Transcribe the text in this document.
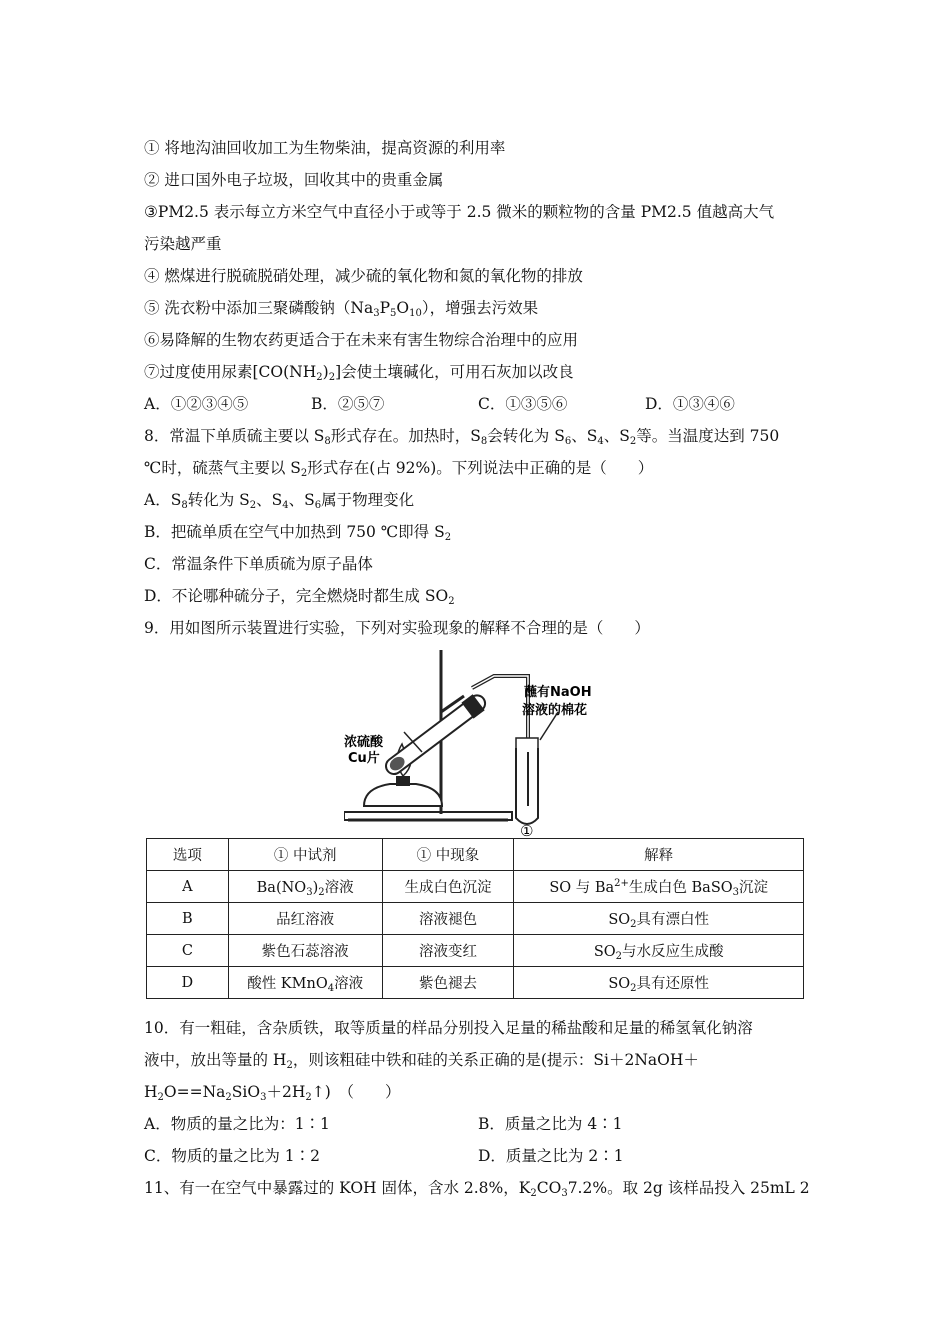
① 将地沟油回收加工为生物柴油，提高资源的利用率
② 进口国外电子垃圾，回收其中的贵重金属
③PM2.5 表示每立方米空气中直径小于或等于 2.5 微米的颗粒物的含量 PM2.5 值越高大气
污染越严重
④ 燃煤进行脱硫脱硝处理，减少硫的氧化物和氮的氧化物的排放
⑤ 洗衣粉中添加三聚磷酸钠$(Na_3P_5O_{10})$，增强去污效果
⑥易降解的生物农药更适合于在未来有害生物综合治理中的应用
⑦过度使用尿素$[CO(NH_2)_2]$会使土壤碱化，可用石灰加以改良
A．①②③④⑤	B．②⑤⑦	C．①③⑤⑥	D．①③④⑥
8．常温下单质硫主要以 $S_8$形式存在。加热时，$S_8$会转化为 $S_6$、$S_4$、$S_2$等。当温度达到 750
℃时，硫蒸气主要以 $S_2$形式存在(占 92%)。下列说法中正确的是（　　）
A．$S_8$转化为 $S_2$、$S_4$、$S_6$属于物理变化
B．把硫单质在空气中加热到 750 ℃即得 $S_2$
C．常温条件下单质硫为原子晶体
D．不论哪种硫分子，完全燃烧时都生成 $SO_2$
9．用如图所示装置进行实验，下列对实验现象的解释不合理的是（　　）
蘸有NaOH
溶液的棉花
浓硫酸
Cu片
①
选项	① 中试剂	① 中现象	解释
A	$Ba(NO_3)_2$溶液	生成白色沉淀	SO 与 $Ba^{2+}$生成白色 BaSO$_3$沉淀
B	品红溶液	溶液褪色	$SO_2$具有漂白性
C	紫色石蕊溶液	溶液变红	$SO_2$与水反应生成酸
D	酸性 KMnO$_4$溶液	紫色褪去	$SO_2$具有还原性
10．有一粗硅，含杂质铁，取等质量的样品分别投入足量的稀盐酸和足量的稀氢氧化钠溶
液中，放出等量的 $H_2$，则该粗硅中铁和硅的关系正确的是(提示：Si＋2NaOH＋
$H_2O==Na_2SiO_3+2H_2↑$)　（　　）
A．物质的量之比为：1∶1	B．质量之比为 4∶1
C．物质的量之比为 1∶2	D．质量之比为 2∶1
11、有一在空气中暴露过的 KOH 固体，含水 2.8%，$K_2CO_37.2\%$。取 2g 该样品投入 25mL 2
